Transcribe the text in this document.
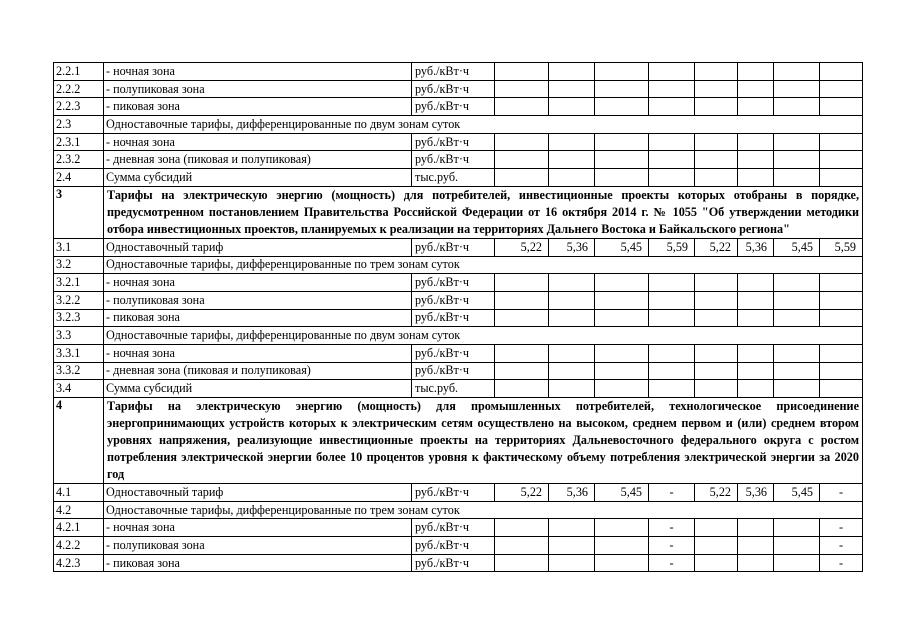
2.2.1	- ночная зона	руб./кВт·ч								
2.2.2	- полупиковая зона	руб./кВт·ч								
2.2.3	- пиковая зона	руб./кВт·ч								
2.3	Одноставочные тарифы, дифференцированные по двум зонам суток									
2.3.1	- ночная зона	руб./кВт·ч								
2.3.2	- дневная зона (пиковая и полупиковая)	руб./кВт·ч								
2.4	Сумма субсидий	тыс.руб.								
3	Тарифы на электрическую энергию (мощность) для потребителей, инвестиционные проекты которых отобраны в порядке, предусмотренном постановлением Правительства Российской Федерации от 16 октября 2014 г. № 1055 "Об утверждении методики отбора инвестиционных проектов, планируемых к реализации на территориях Дальнего Востока и Байкальского региона"									
3.1	Одноставочный тариф	руб./кВт·ч	5,22	5,36	5,45	5,59	5,22	5,36	5,45	5,59
3.2	Одноставочные тарифы, дифференцированные по трем зонам суток									
3.2.1	- ночная зона	руб./кВт·ч								
3.2.2	- полупиковая зона	руб./кВт·ч								
3.2.3	- пиковая зона	руб./кВт·ч								
3.3	Одноставочные тарифы, дифференцированные по двум зонам суток									
3.3.1	- ночная зона	руб./кВт·ч								
3.3.2	- дневная зона (пиковая и полупиковая)	руб./кВт·ч								
3.4	Сумма субсидий	тыс.руб.								
4	Тарифы на электрическую энергию (мощность) для промышленных потребителей, технологическое присоединение энергопринимающих устройств которых к электрическим сетям осуществлено на высоком, среднем первом и (или) среднем втором уровнях напряжения, реализующие инвестиционные проекты на территориях Дальневосточного федерального округа с ростом потребления электрической энергии более 10 процентов уровня к фактическому объему потребления электрической энергии за 2020 год									
4.1	Одноставочный тариф	руб./кВт·ч	5,22	5,36	5,45	-	5,22	5,36	5,45	-
4.2	Одноставочные тарифы, дифференцированные по трем зонам суток									
4.2.1	- ночная зона	руб./кВт·ч				-				-
4.2.2	- полупиковая зона	руб./кВт·ч				-				-
4.2.3	- пиковая зона	руб./кВт·ч				-				-
